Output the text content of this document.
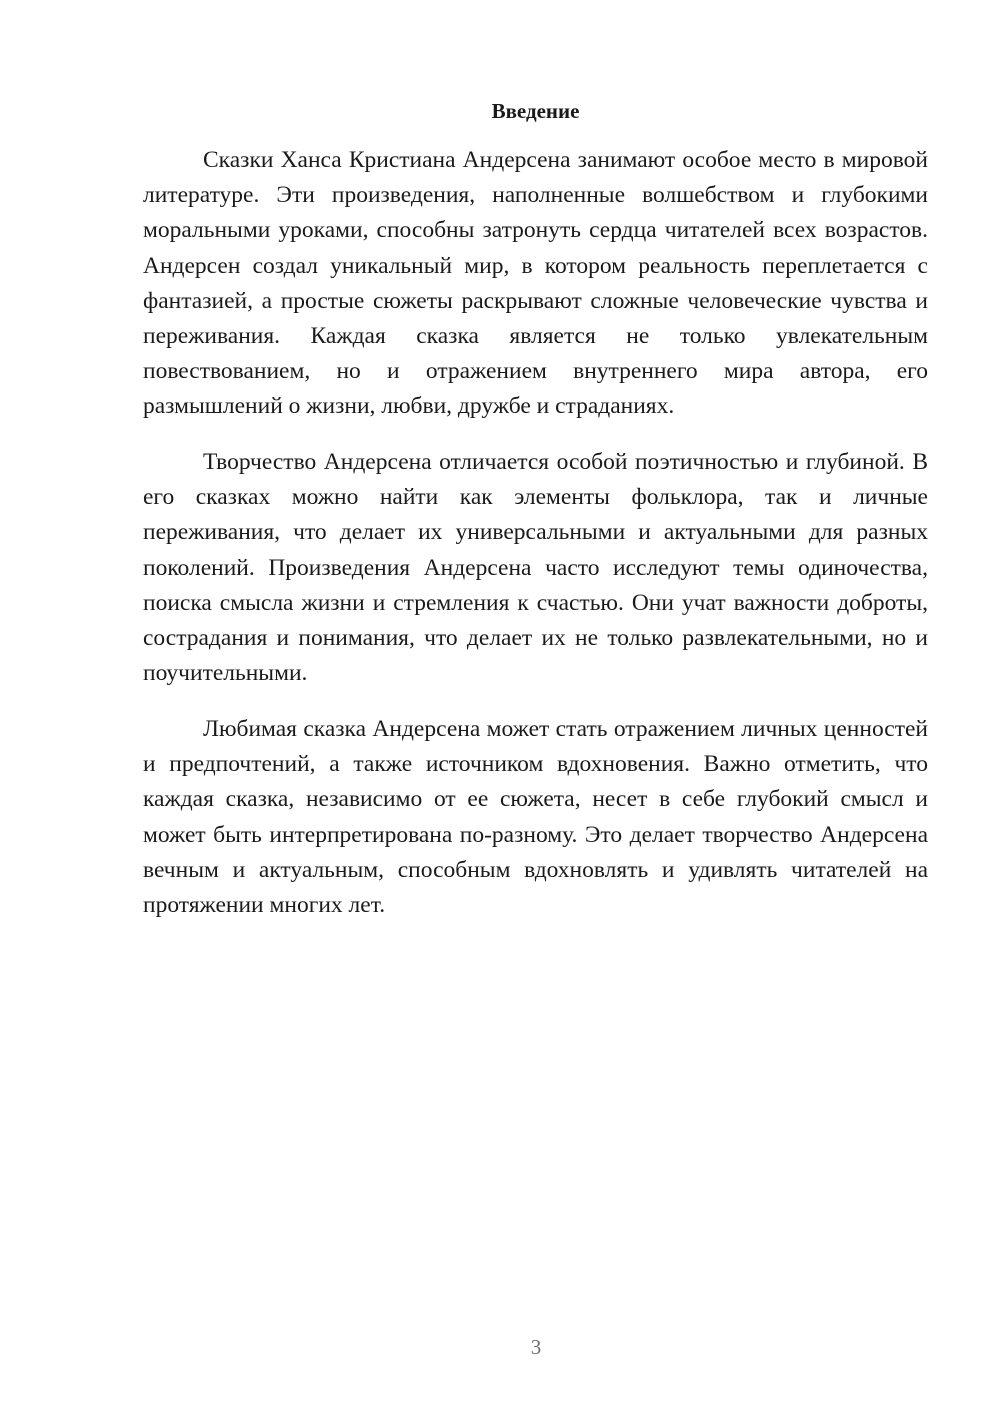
Введение

Сказки Ханса Кристиана Андерсена занимают особое место в мировой литературе. Эти произведения, наполненные волшебством и глубокими моральными уроками, способны затронуть сердца читателей всех возрастов. Андерсен создал уникальный мир, в котором реальность переплетается с фантазией, а простые сюжеты раскрывают сложные человеческие чувства и переживания. Каждая сказка является не только увлекательным повествованием, но и отражением внутреннего мира автора, его размышлений о жизни, любви, дружбе и страданиях.

Творчество Андерсена отличается особой поэтичностью и глубиной. В его сказках можно найти как элементы фольклора, так и личные переживания, что делает их универсальными и актуальными для разных поколений. Произведения Андерсена часто исследуют темы одиночества, поиска смысла жизни и стремления к счастью. Они учат важности доброты, сострадания и понимания, что делает их не только развлекательными, но и поучительными.

Любимая сказка Андерсена может стать отражением личных ценностей и предпочтений, а также источником вдохновения. Важно отметить, что каждая сказка, независимо от ее сюжета, несет в себе глубокий смысл и может быть интерпретирована по-разному. Это делает творчество Андерсена вечным и актуальным, способным вдохновлять и удивлять читателей на протяжении многих лет.

3
